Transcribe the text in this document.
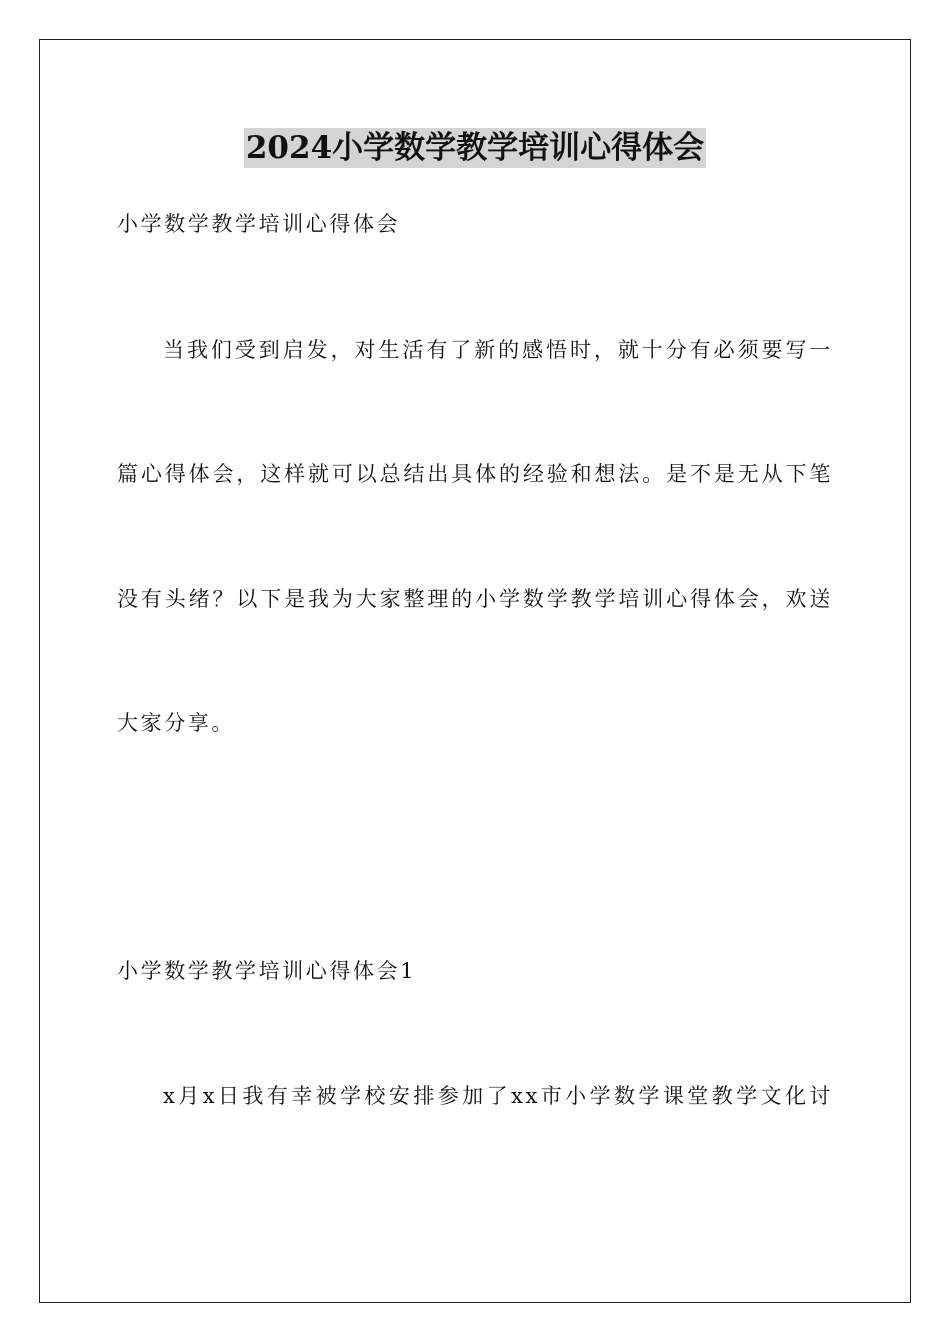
2024小学数学教学培训心得体会
小学数学教学培训心得体会
当我们受到启发，对生活有了新的感悟时，就十分有必须要写一
篇心得体会，这样就可以总结出具体的经验和想法。是不是无从下笔
没有头绪？以下是我为大家整理的小学数学教学培训心得体会，欢送
大家分享。
小学数学教学培训心得体会1
x月x日我有幸被学校安排参加了xx市小学数学课堂教学文化讨
